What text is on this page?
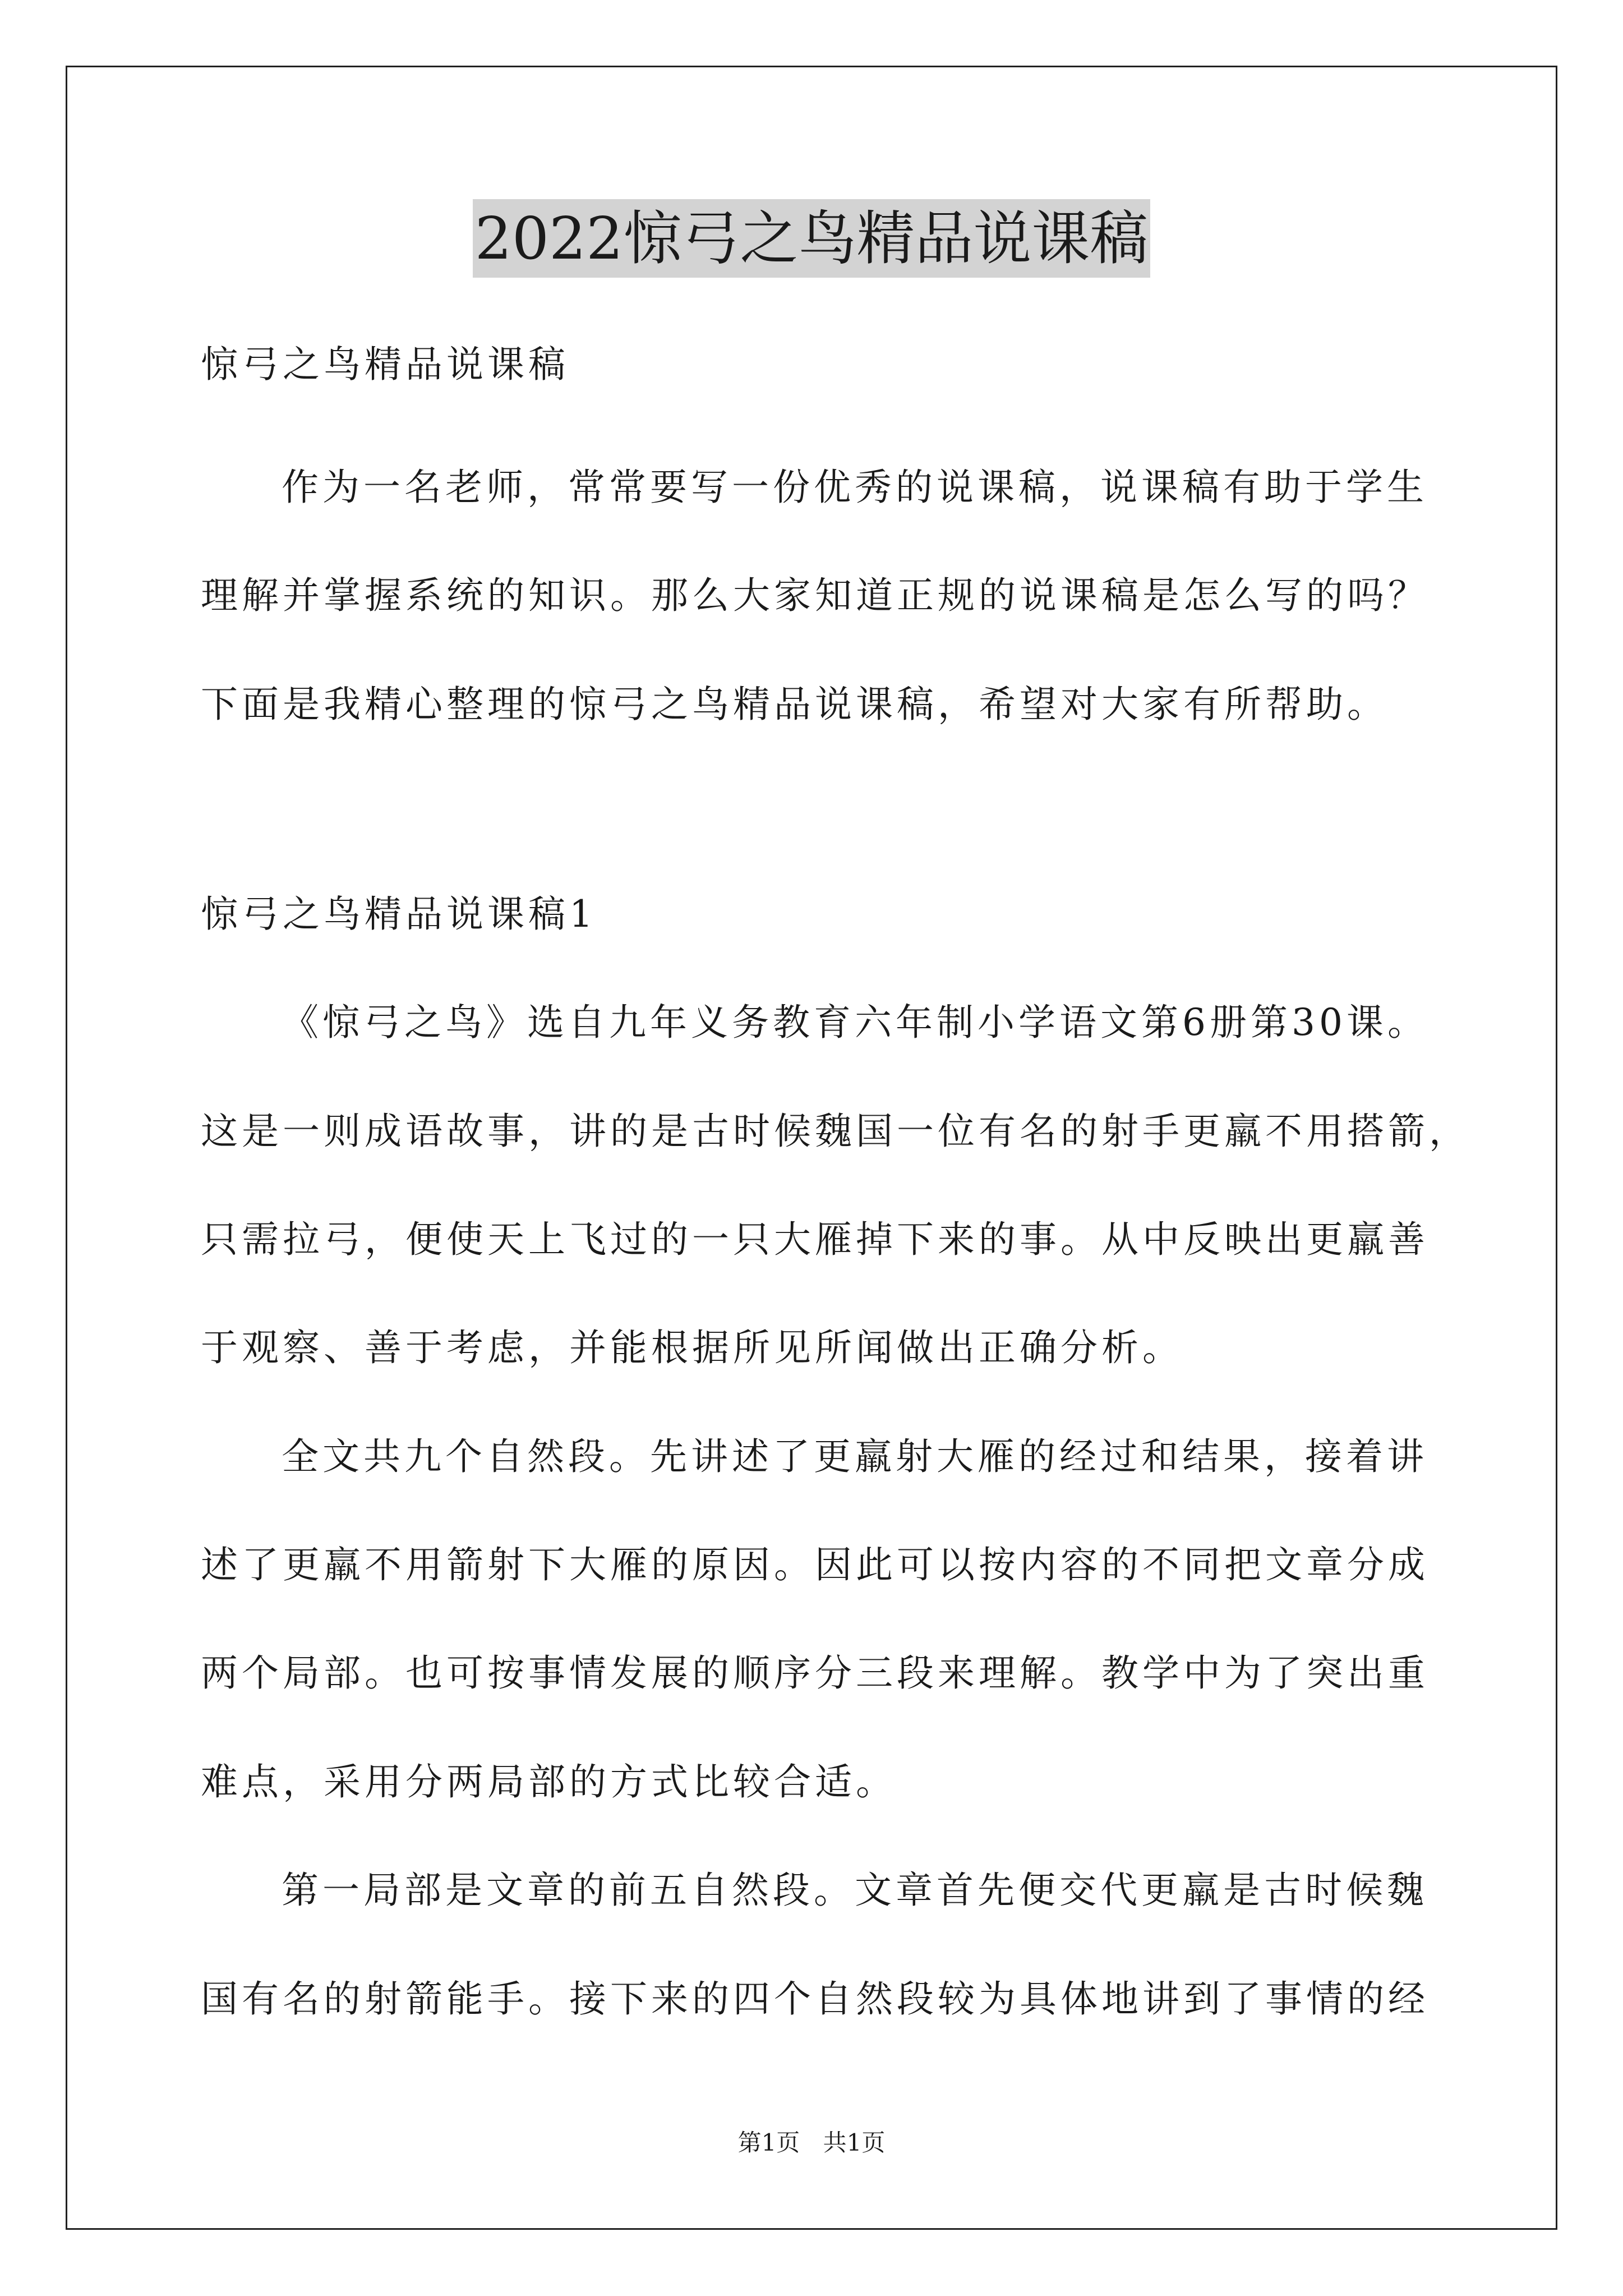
2022惊弓之鸟精品说课稿
惊弓之鸟精品说课稿
作为一名老师，常常要写一份优秀的说课稿，说课稿有助于学生
理解并掌握系统的知识。那么大家知道正规的说课稿是怎么写的吗？
下面是我精心整理的惊弓之鸟精品说课稿，希望对大家有所帮助。
惊弓之鸟精品说课稿1
《惊弓之鸟》选自九年义务教育六年制小学语文第6册第30课。
这是一则成语故事，讲的是古时候魏国一位有名的射手更羸不用搭箭，
只需拉弓，便使天上飞过的一只大雁掉下来的事。从中反映出更羸善
于观察、善于考虑，并能根据所见所闻做出正确分析。
全文共九个自然段。先讲述了更羸射大雁的经过和结果，接着讲
述了更羸不用箭射下大雁的原因。因此可以按内容的不同把文章分成
两个局部。也可按事情发展的顺序分三段来理解。教学中为了突出重
难点，采用分两局部的方式比较合适。
第一局部是文章的前五自然段。文章首先便交代更羸是古时候魏
国有名的射箭能手。接下来的四个自然段较为具体地讲到了事情的经
第1页 共1页
